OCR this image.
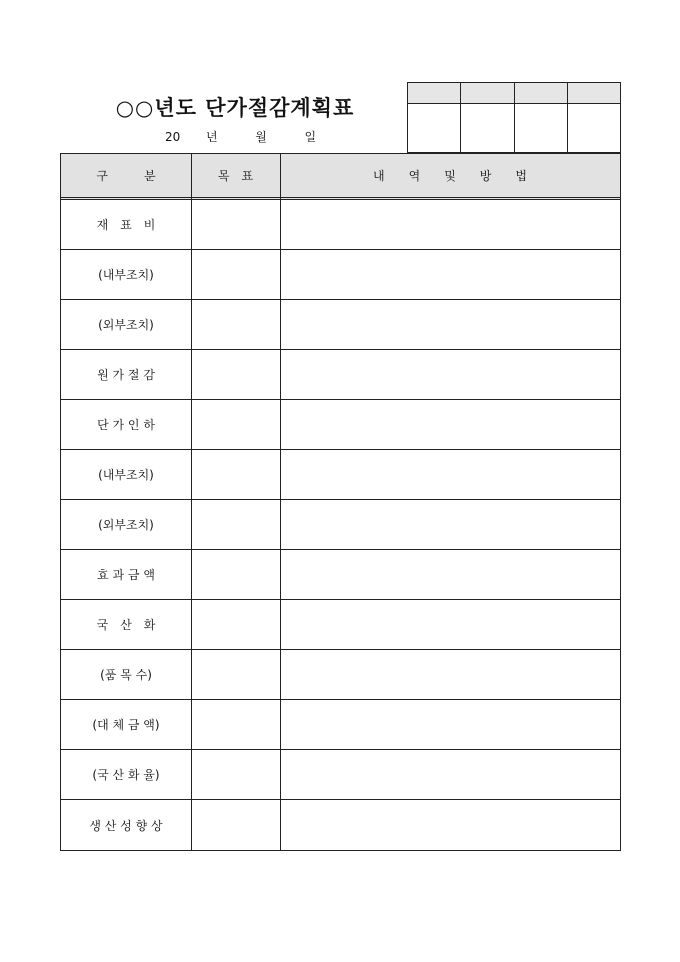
○○년도 단가절감계획표
20 년	월	일
구　　　분	목　표	내　　역　　및　　방　　법
재　표　비
(내부조치)
(외부조치)
원 가 절 감
단 가 인 하
(내부조치)
(외부조치)
효 과 금 액
국　산　화
(품 목 수)
(대 체 금 액)
(국 산 화 율)
생 산 성 향 상
